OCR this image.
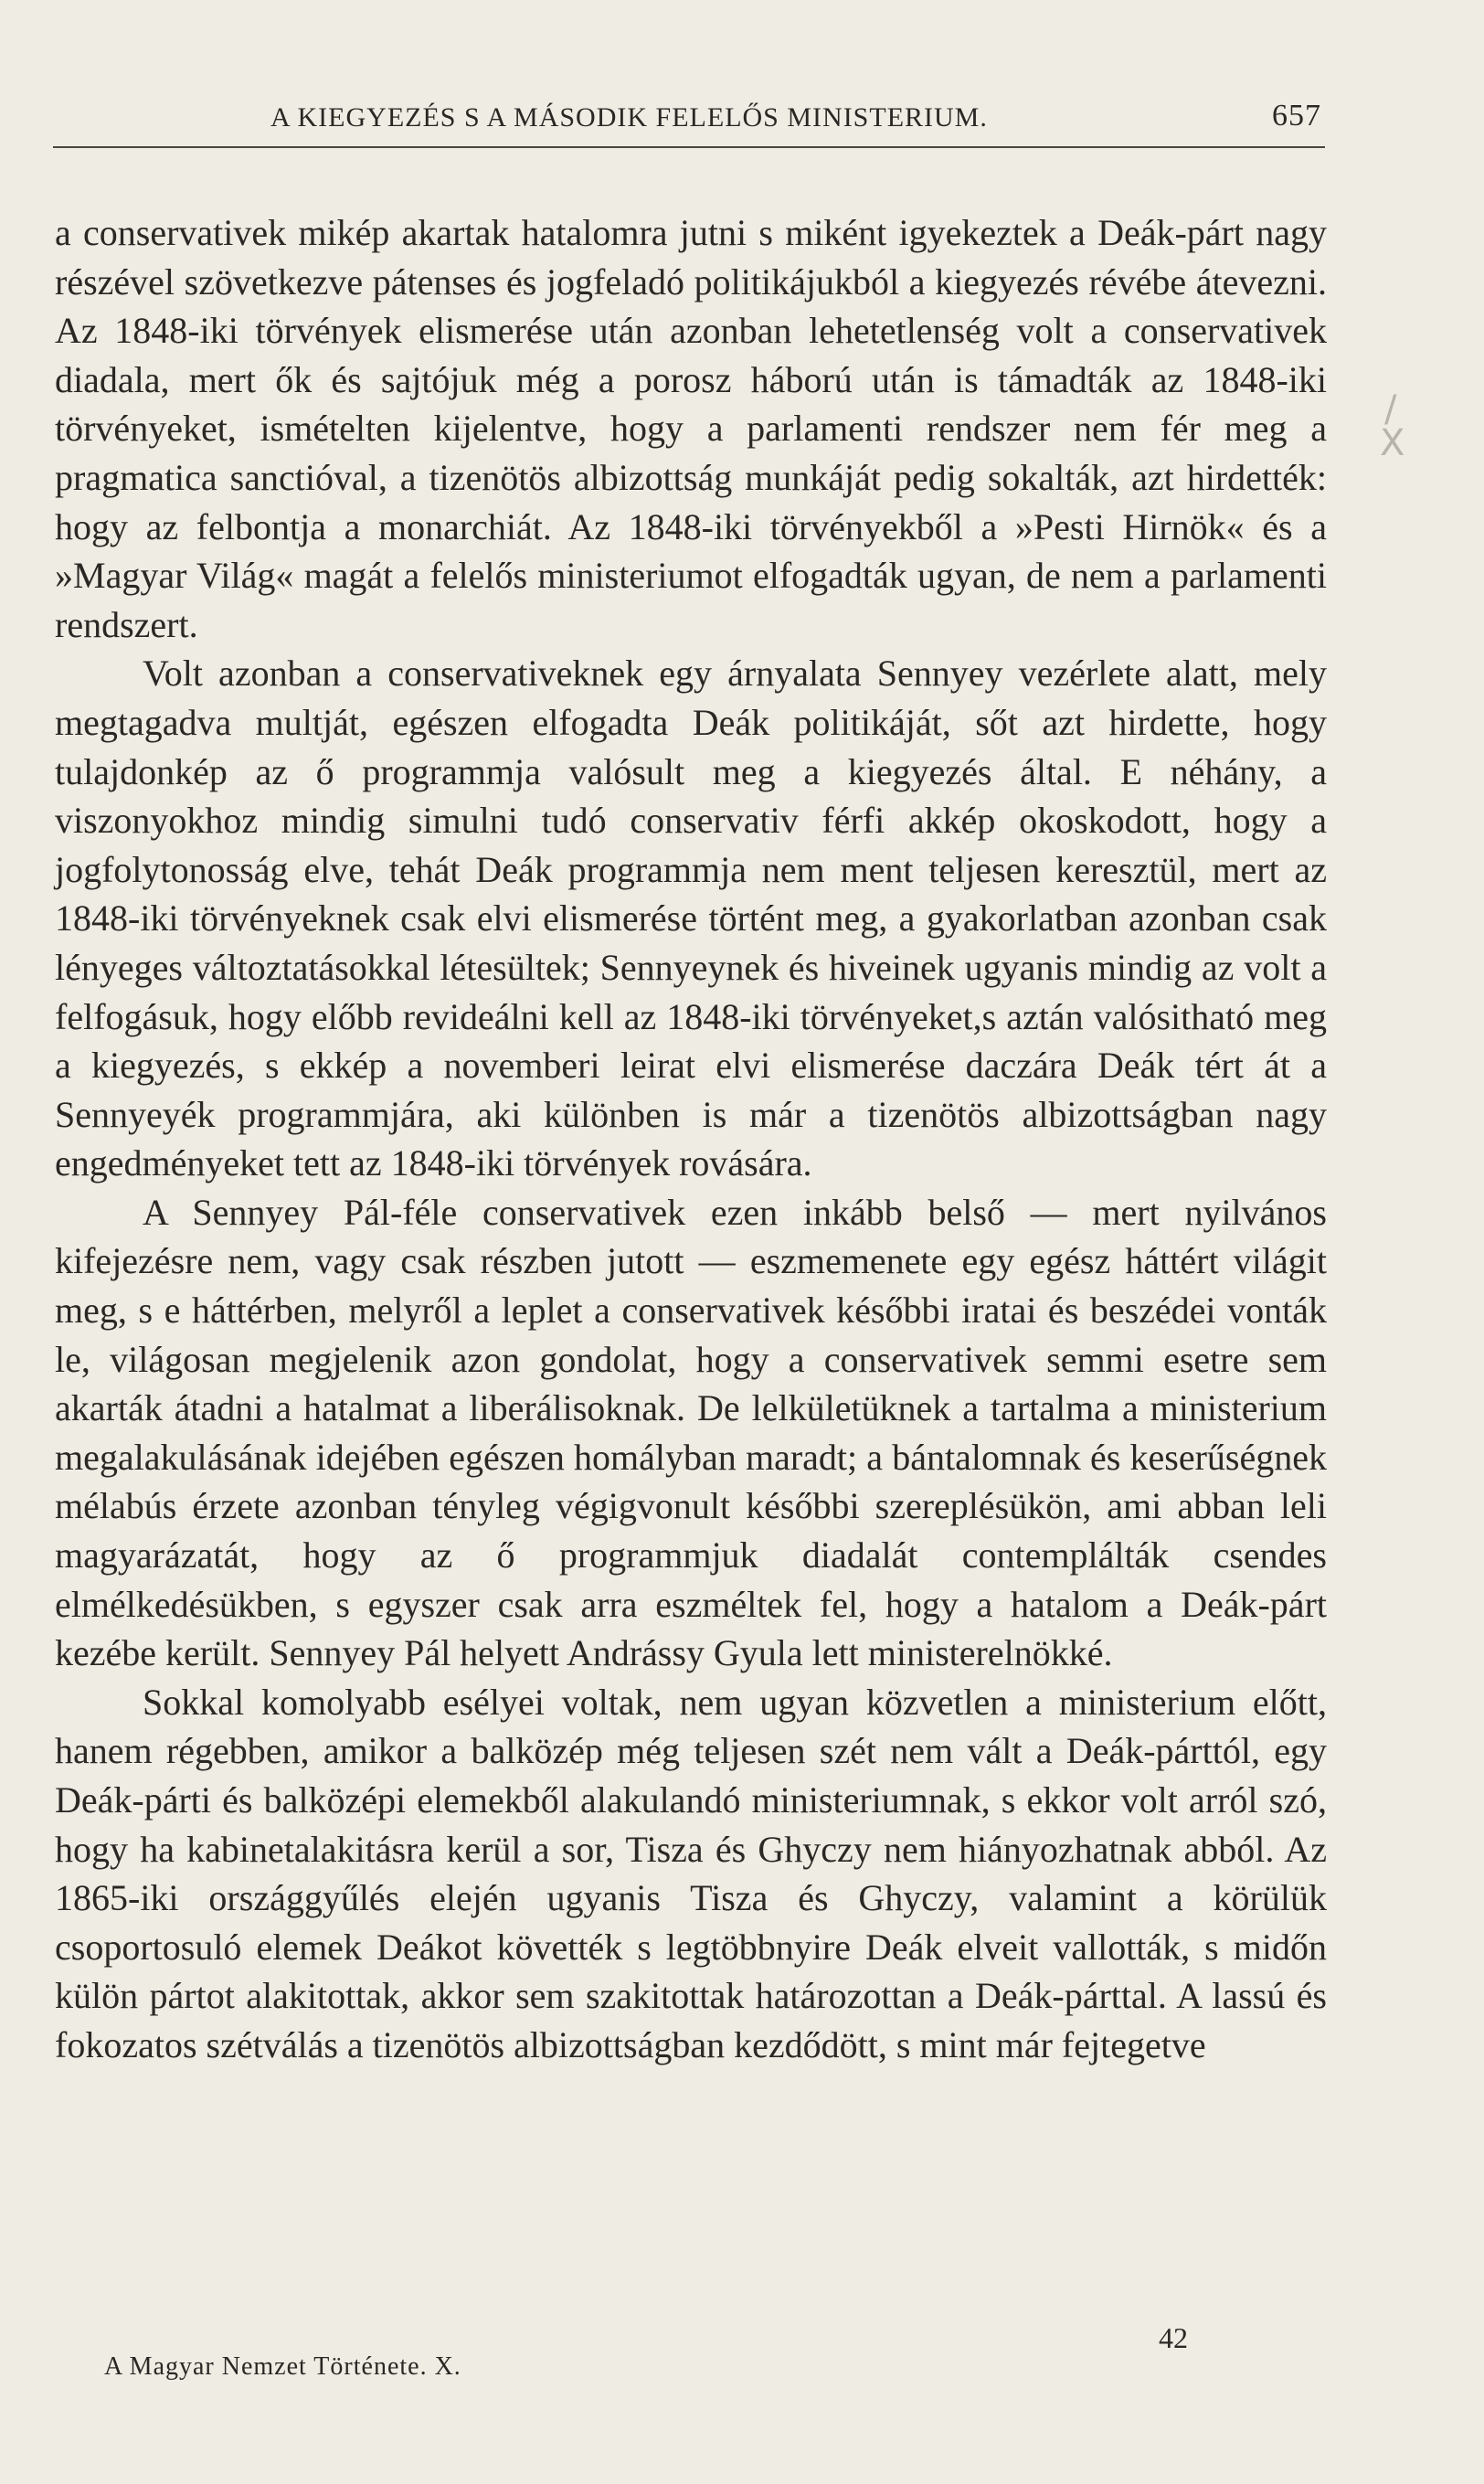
A KIEGYEZÉS S A MÁSODIK FELELŐS MINISTERIUM.	657

a conservativek mikép akartak hatalomra jutni s miként igyekeztek a Deák-párt nagy részével szövetkezve pátenses és jogfeladó politikájukból a kiegyezés révébe átevezni. Az 1848-iki törvények elismerése után azonban lehetetlenség volt a conservativek diadala, mert ők és sajtójuk még a porosz háború után is támadták az 1848-iki törvényeket, ismételten kijelentve, hogy a parlamenti rendszer nem fér meg a pragmatica sanctióval, a tizenötös albizottság munkáját pedig sokalták, azt hirdették: hogy az felbontja a monarchiát. Az 1848-iki törvényekből a »Pesti Hirnök« és a »Magyar Világ« magát a felelős ministeriumot elfogadták ugyan, de nem a parlamenti rendszert.

Volt azonban a conservativeknek egy árnyalata Sennyey vezérlete alatt, mely megtagadva multját, egészen elfogadta Deák politikáját, sőt azt hirdette, hogy tulajdonkép az ő programmja valósult meg a kiegyezés által. E néhány, a viszonyokhoz mindig simulni tudó conservativ férfi akkép okoskodott, hogy a jogfolytonosság elve, tehát Deák programmja nem ment teljesen keresztül, mert az 1848-iki törvényeknek csak elvi elismerése történt meg, a gyakorlatban azonban csak lényeges változtatásokkal létesültek; Sennyeynek és hiveinek ugyanis mindig az volt a felfogásuk, hogy előbb revideálni kell az 1848-iki törvényeket,s aztán valósitható meg a kiegyezés, s ekkép a novemberi leirat elvi elismerése daczára Deák tért át a Sennyeyék programmjára, aki különben is már a tizenötös albizottságban nagy engedményeket tett az 1848-iki törvények rovására.

A Sennyey Pál-féle conservativek ezen inkább belső — mert nyilvános kifejezésre nem, vagy csak részben jutott — eszmemenete egy egész háttért világit meg, s e háttérben, melyről a leplet a conservativek későbbi iratai és beszédei vonták le, világosan megjelenik azon gondolat, hogy a conservativek semmi esetre sem akarták átadni a hatalmat a liberálisoknak. De lelkületüknek a tartalma a ministerium megalakulásának idejében egészen homályban maradt; a bántalomnak és keserűségnek mélabús érzete azonban tényleg végigvonult későbbi szereplésükön, ami abban leli magyarázatát, hogy az ő programmjuk diadalát contemplálták csendes elmélkedésükben, s egyszer csak arra eszméltek fel, hogy a hatalom a Deák-párt kezébe került. Sennyey Pál helyett Andrássy Gyula lett ministerelnökké.

Sokkal komolyabb esélyei voltak, nem ugyan közvetlen a ministerium előtt, hanem régebben, amikor a balközép még teljesen szét nem vált a Deák-párttól, egy Deák-párti és balközépi elemekből alakulandó ministeriumnak, s ekkor volt arról szó, hogy ha kabinetalakitásra kerül a sor, Tisza és Ghyczy nem hiányozhatnak abból. Az 1865-iki országgyűlés elején ugyanis Tisza és Ghyczy, valamint a körülük csoportosuló elemek Deákot követték s legtöbbnyire Deák elveit vallották, s midőn külön pártot alakitottak, akkor sem szakitottak határozottan a Deák-párttal. A lassú és fokozatos szétválás a tizenötös albizottságban kezdődött, s mint már fejtegetve

/
X
A Magyar Nemzet Története. X.
42
